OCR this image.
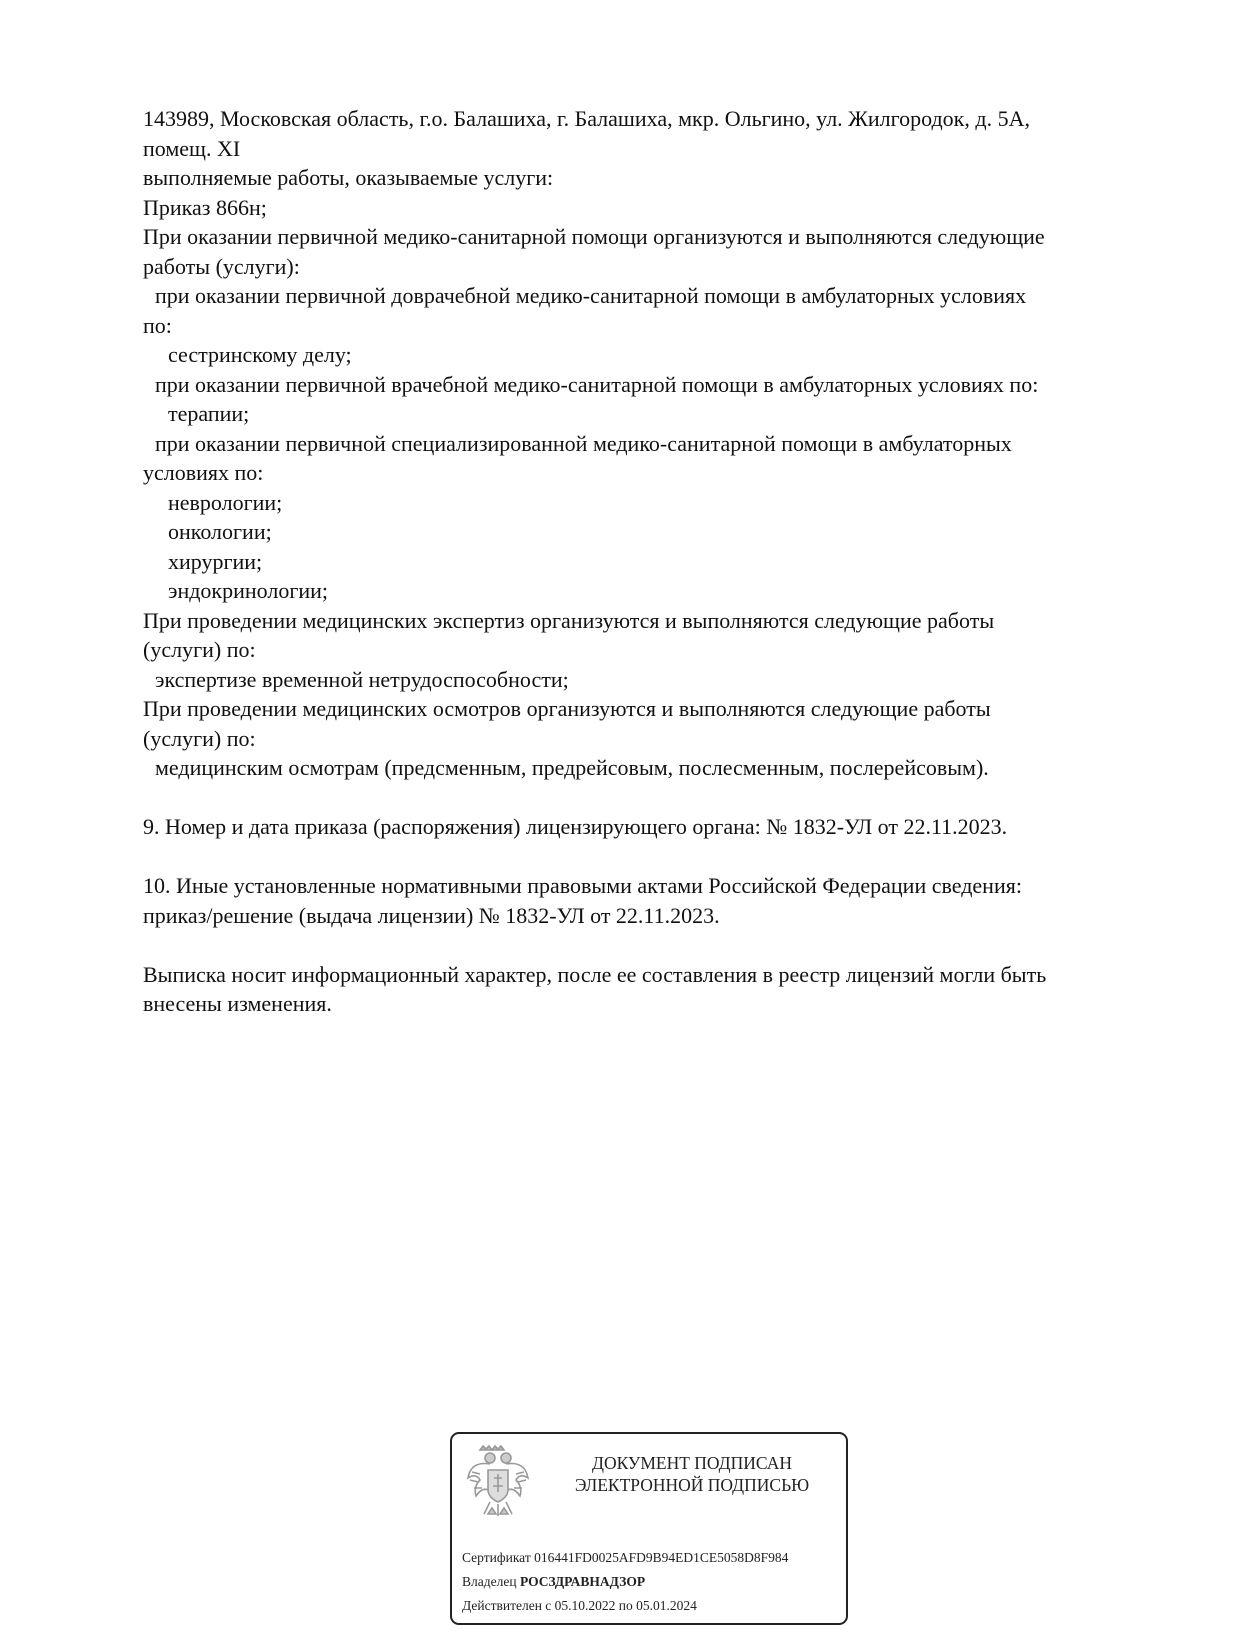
143989, Московская область, г.о. Балашиха, г. Балашиха, мкр. Ольгино, ул. Жилгородок, д. 5А,
помещ. XI
выполняемые работы, оказываемые услуги:
Приказ 866н;
При оказании первичной медико-санитарной помощи организуются и выполняются следующие
работы (услуги):
при оказании первичной доврачебной медико-санитарной помощи в амбулаторных условиях
по:
сестринскому делу;
при оказании первичной врачебной медико-санитарной помощи в амбулаторных условиях по:
терапии;
при оказании первичной специализированной медико-санитарной помощи в амбулаторных
условиях по:
неврологии;
онкологии;
хирургии;
эндокринологии;
При проведении медицинских экспертиз организуются и выполняются следующие работы
(услуги) по:
экспертизе временной нетрудоспособности;
При проведении медицинских осмотров организуются и выполняются следующие работы
(услуги) по:
медицинским осмотрам (предсменным, предрейсовым, послесменным, послерейсовым).
9. Номер и дата приказа (распоряжения) лицензирующего органа: № 1832-УЛ от 22.11.2023.
10. Иные установленные нормативными правовыми актами Российской Федерации сведения:
приказ/решение (выдача лицензии) № 1832-УЛ от 22.11.2023.
Выписка носит информационный характер, после ее составления в реестр лицензий могли быть
внесены изменения.
ДОКУМЕНТ ПОДПИСАН
ЭЛЕКТРОННОЙ ПОДПИСЬЮ
Сертификат 016441FD0025AFD9B94ED1CE5058D8F984
Владелец РОСЗДРАВНАДЗОР
Действителен с 05.10.2022 по 05.01.2024
